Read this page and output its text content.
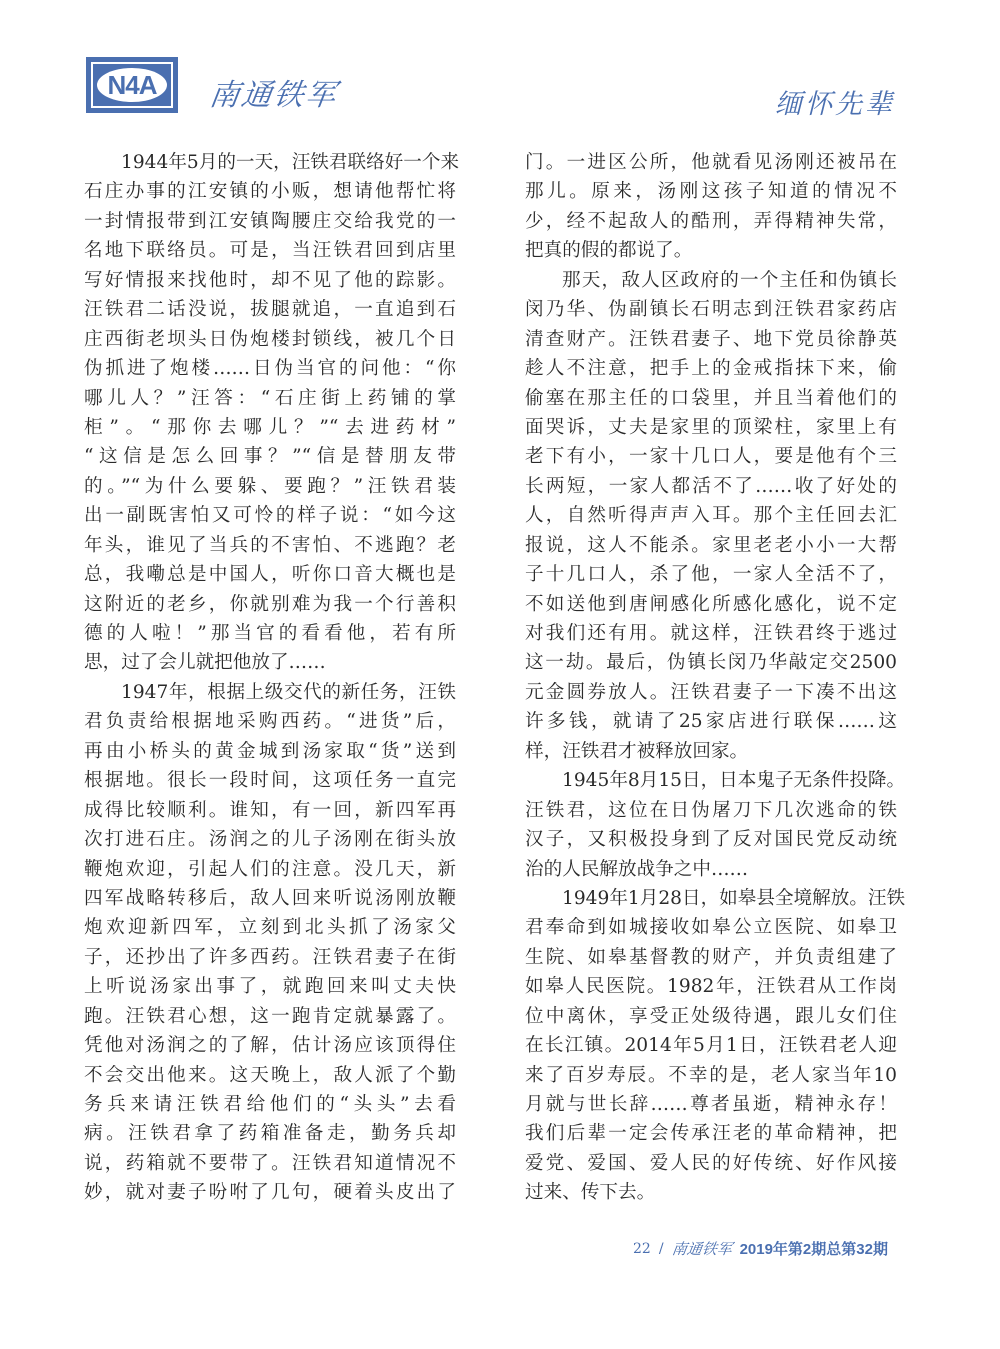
N4A 南通铁军	缅怀先辈
1944年5月的一天，汪铁君联络好一个来
石庄办事的江安镇的小贩，想请他帮忙将
一封情报带到江安镇陶腰庄交给我党的一
名地下联络员。可是，当汪铁君回到店里
写好情报来找他时，却不见了他的踪影。
汪铁君二话没说，拔腿就追，一直追到石
庄西街老坝头日伪炮楼封锁线，被几个日
伪抓进了炮楼……日伪当官的问他：“你
哪儿人？”汪答：“石庄街上药铺的掌
柜”。“那你去哪儿？”“去进药材”
“这信是怎么回事？”“信是替朋友带
的。”“为什么要躲、要跑？”汪铁君装
出一副既害怕又可怜的样子说：“如今这
年头，谁见了当兵的不害怕、不逃跑？老
总，我嘞总是中国人，听你口音大概也是
这附近的老乡，你就别难为我一个行善积
德的人啦！”那当官的看看他，若有所
思，过了会儿就把他放了……
1947年，根据上级交代的新任务，汪铁
君负责给根据地采购西药。“进货”后，
再由小桥头的黄金城到汤家取“货”送到
根据地。很长一段时间，这项任务一直完
成得比较顺利。谁知，有一回，新四军再
次打进石庄。汤润之的儿子汤刚在街头放
鞭炮欢迎，引起人们的注意。没几天，新
四军战略转移后，敌人回来听说汤刚放鞭
炮欢迎新四军，立刻到北头抓了汤家父
子，还抄出了许多西药。汪铁君妻子在街
上听说汤家出事了，就跑回来叫丈夫快
跑。汪铁君心想，这一跑肯定就暴露了。
凭他对汤润之的了解，估计汤应该顶得住
不会交出他来。这天晚上，敌人派了个勤
务兵来请汪铁君给他们的“头头”去看
病。汪铁君拿了药箱准备走，勤务兵却
说，药箱就不要带了。汪铁君知道情况不
妙，就对妻子吩咐了几句，硬着头皮出了
门。一进区公所，他就看见汤刚还被吊在
那儿。原来，汤刚这孩子知道的情况不
少，经不起敌人的酷刑，弄得精神失常，
把真的假的都说了。
那天，敌人区政府的一个主任和伪镇长
闵乃华、伪副镇长石明志到汪铁君家药店
清查财产。汪铁君妻子、地下党员徐静英
趁人不注意，把手上的金戒指抹下来，偷
偷塞在那主任的口袋里，并且当着他们的
面哭诉，丈夫是家里的顶梁柱，家里上有
老下有小，一家十几口人，要是他有个三
长两短，一家人都活不了……收了好处的
人，自然听得声声入耳。那个主任回去汇
报说，这人不能杀。家里老老小小一大帮
子十几口人，杀了他，一家人全活不了，
不如送他到唐闸感化所感化感化，说不定
对我们还有用。就这样，汪铁君终于逃过
这一劫。最后，伪镇长闵乃华敲定交2500
元金圆券放人。汪铁君妻子一下凑不出这
许多钱，就请了25家店进行联保……这
样，汪铁君才被释放回家。
1945年8月15日，日本鬼子无条件投降。
汪铁君，这位在日伪屠刀下几次逃命的铁
汉子，又积极投身到了反对国民党反动统
治的人民解放战争之中……
1949年1月28日，如皋县全境解放。汪铁
君奉命到如城接收如皋公立医院、如皋卫
生院、如皋基督教的财产，并负责组建了
如皋人民医院。1982年，汪铁君从工作岗
位中离休，享受正处级待遇，跟儿女们住
在长江镇。2014年5月1日，汪铁君老人迎
来了百岁寿辰。不幸的是，老人家当年10
月就与世长辞……尊者虽逝，精神永存！
我们后辈一定会传承汪老的革命精神，把
爱党、爱国、爱人民的好传统、好作风接
过来、传下去。
22 / 南通铁军 2019年第2期总第32期
